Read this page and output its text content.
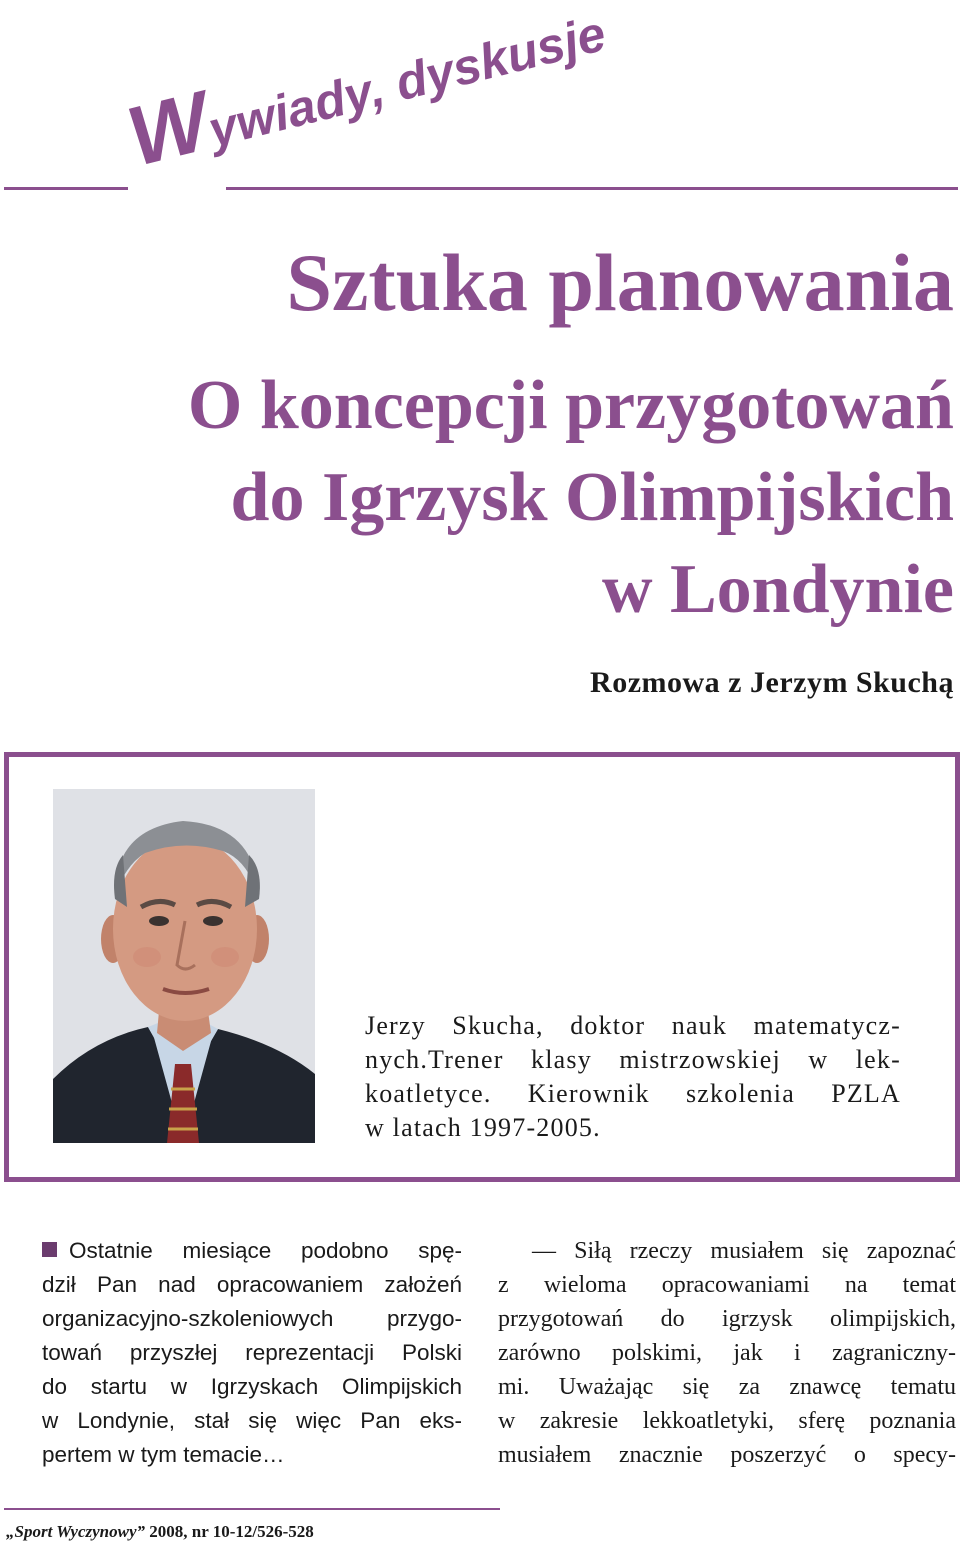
Wywiady, dyskusje
Sztuka planowania
O koncepcji przygotowań
do Igrzysk Olimpijskich
w Londynie
Rozmowa z Jerzym Skuchą
Jerzy Skucha, doktor nauk matematycz-
nych.Trener klasy mistrzowskiej w lek-
koatletyce. Kierownik szkolenia PZLA
w latach 1997-2005.

Ostatnie miesiące podobno spę-

dził Pan nad opracowaniem założeń

organizacyjno-szkoleniowych przygo-

towań przyszłej reprezentacji Polski

do startu w Igrzyskach Olimpijskich

w Londynie, stał się więc Pan eks-

pertem w tym temacie…

— Siłą rzeczy musiałem się zapoznać

z wieloma opracowaniami na temat

przygotowań do igrzysk olimpijskich,

zarówno polskimi, jak i zagraniczny-

mi. Uważając się za znawcę tematu

w zakresie lekkoatletyki, sferę poznania

musiałem znacznie poszerzyć o specy-

„Sport Wyczynowy” 2008, nr 10-12/526-528
